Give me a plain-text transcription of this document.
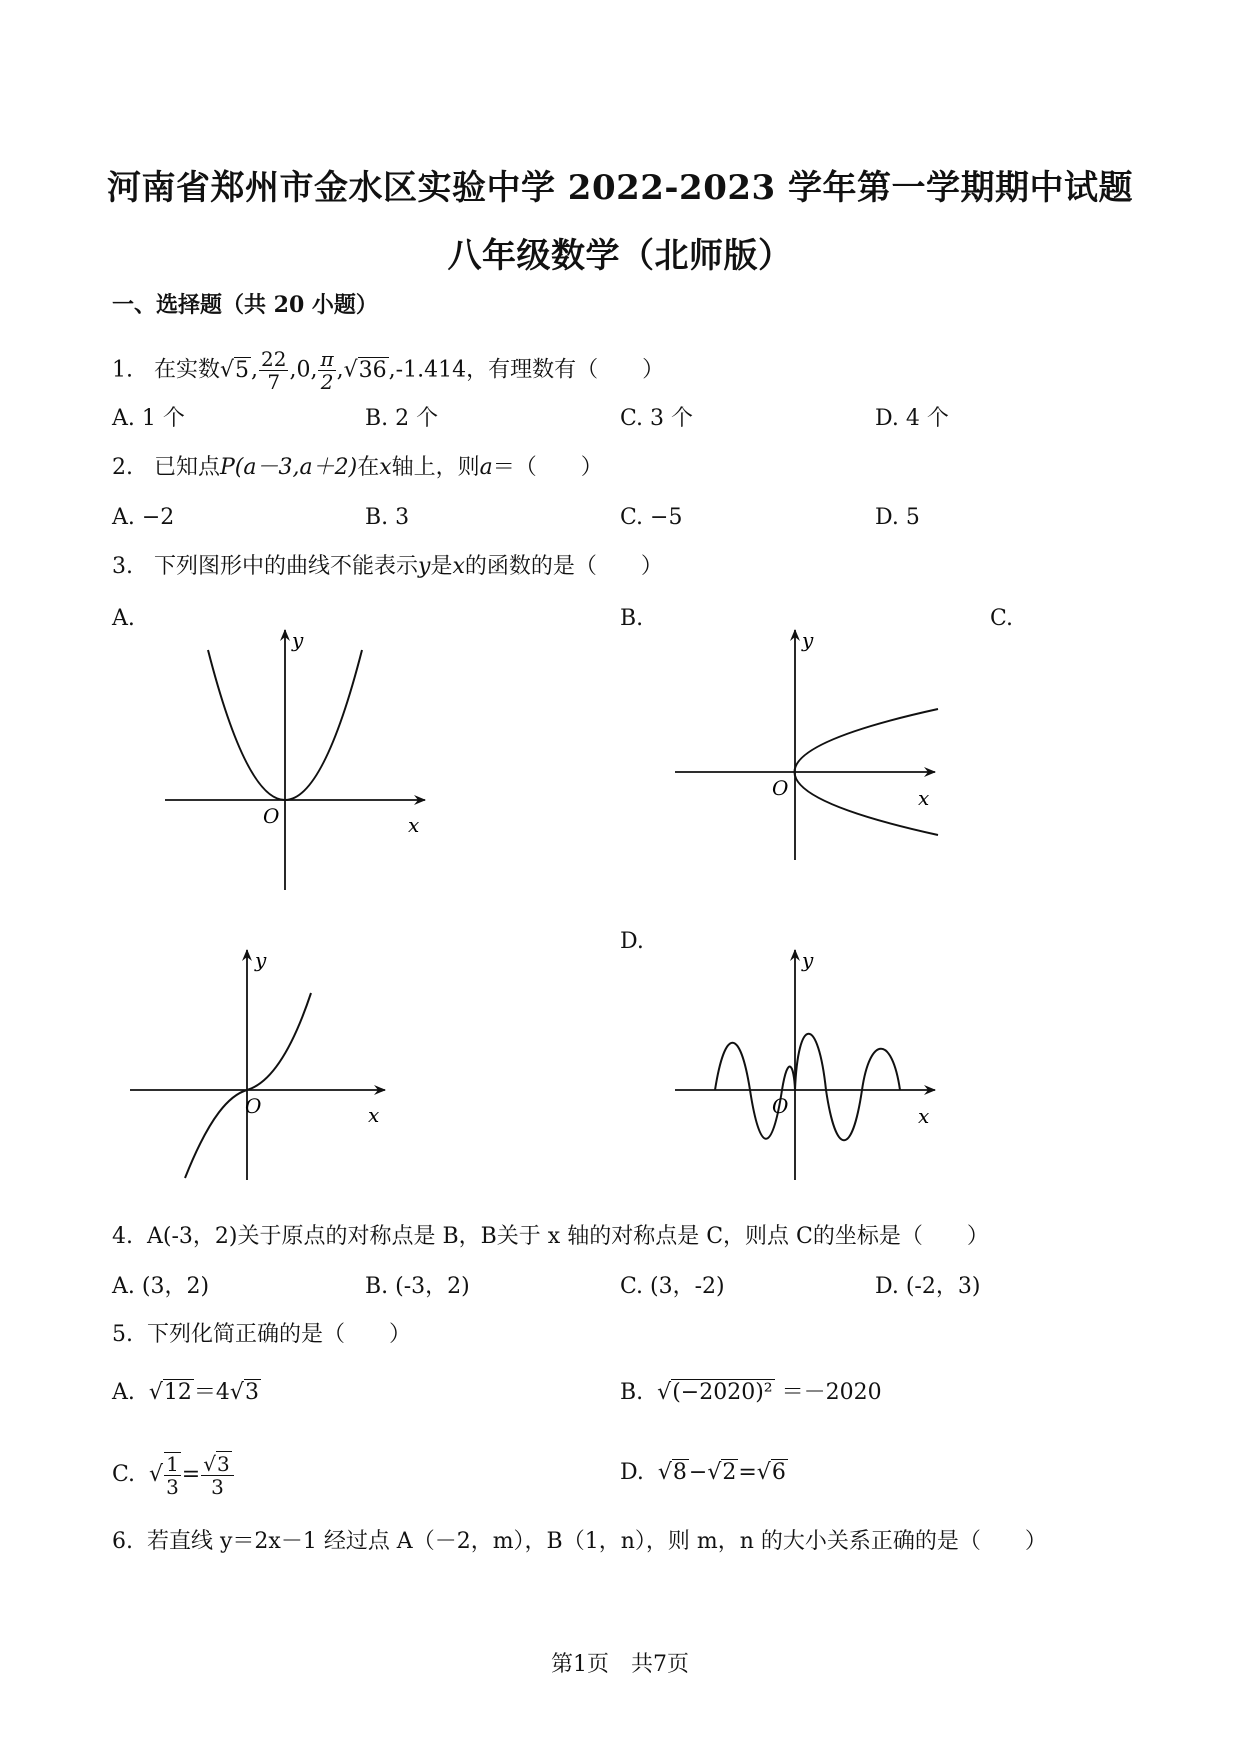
河南省郑州市金水区实验中学 2022-2023 学年第一学期期中试题
八年级数学（北师版）
一、选择题（共 20 小题）
1. 在实数√5, $\frac{22}{7} ,0$, $\frac{\pi}{2} ,√36,-1.414$，有理数有（　　）
A. 1 个	B. 2 个	C. 3 个	D. 4 个
2. 已知点P(a－3,a＋2)在x轴上，则a＝（　　）
A. −2	B. 3	C. −5	D. 5
3. 下列图形中的曲线不能表示y是x的函数的是（　　）
A.	B.	C.
D.
y
x
O
y
x
O
y
x
O
y
x
O
4. A(-3，2)关于原点的对称点是 B，B关于 x 轴的对称点是 C，则点 C的坐标是（　　）
A. (3，2)	B. (-3，2)	C. (3，-2)	D. (-2，3)
5. 下列化简正确的是（　　）
A.  √12＝4√3	B.  √(−2020)² ＝－2020
C.  √ $\frac{1}{3} = \frac{√3}{3}$	D.  √8−√2=√6
6. 若直线 y＝2x－1 经过点 A（－2，m），B（1，n），则 m，n 的大小关系正确的是（　　）
第1页　共7页
